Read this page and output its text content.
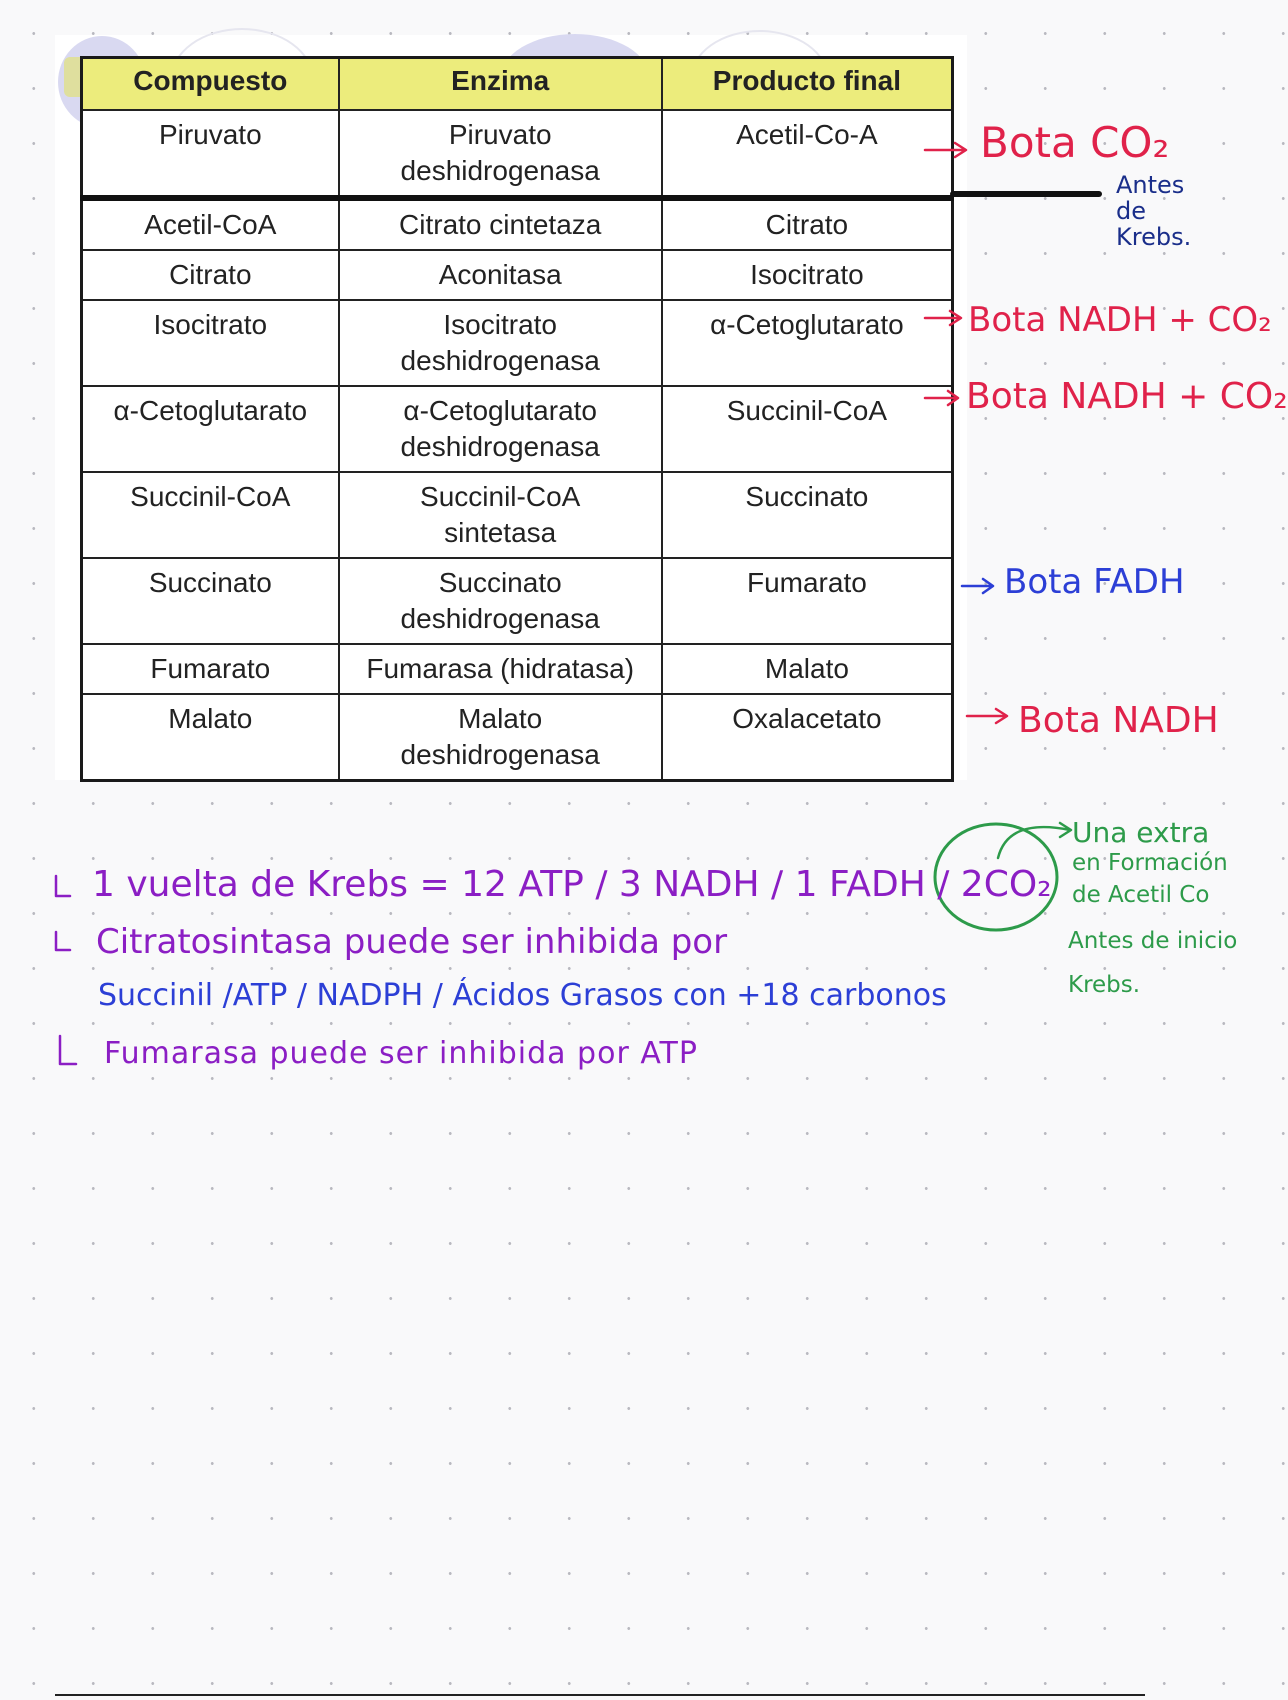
Compuesto	Enzima	Producto final
Piruvato	Piruvato deshidrogenasa	Acetil-Co-A
Acetil-CoA	Citrato cintetaza	Citrato
Citrato	Aconitasa	Isocitrato
Isocitrato	Isocitrato deshidrogenasa	α-Cetoglutarato
α-Cetoglutarato	α-Cetoglutarato deshidrogenasa	Succinil-CoA
Succinil-CoA	Succinil-CoA sintetasa	Succinato
Succinato	Succinato deshidrogenasa	Fumarato
Fumarato	Fumarasa (hidratasa)	Malato
Malato	Malato deshidrogenasa	Oxalacetato
Bota CO₂
Antes de Krebs.
Bota NADH + CO₂
Bota NADH + CO₂
Bota FADH
Bota NADH
1 vuelta de Krebs = 12 ATP / 3 NADH / 1 FADH / 2CO₂
Una extra
en Formación
de Acetil Co
Antes de inicio
Krebs.
Citratosintasa puede ser inhibida por
Succinil /ATP / NADPH / Ácidos Grasos con +18 carbonos
Fumarasa puede ser inhibida por ATP
